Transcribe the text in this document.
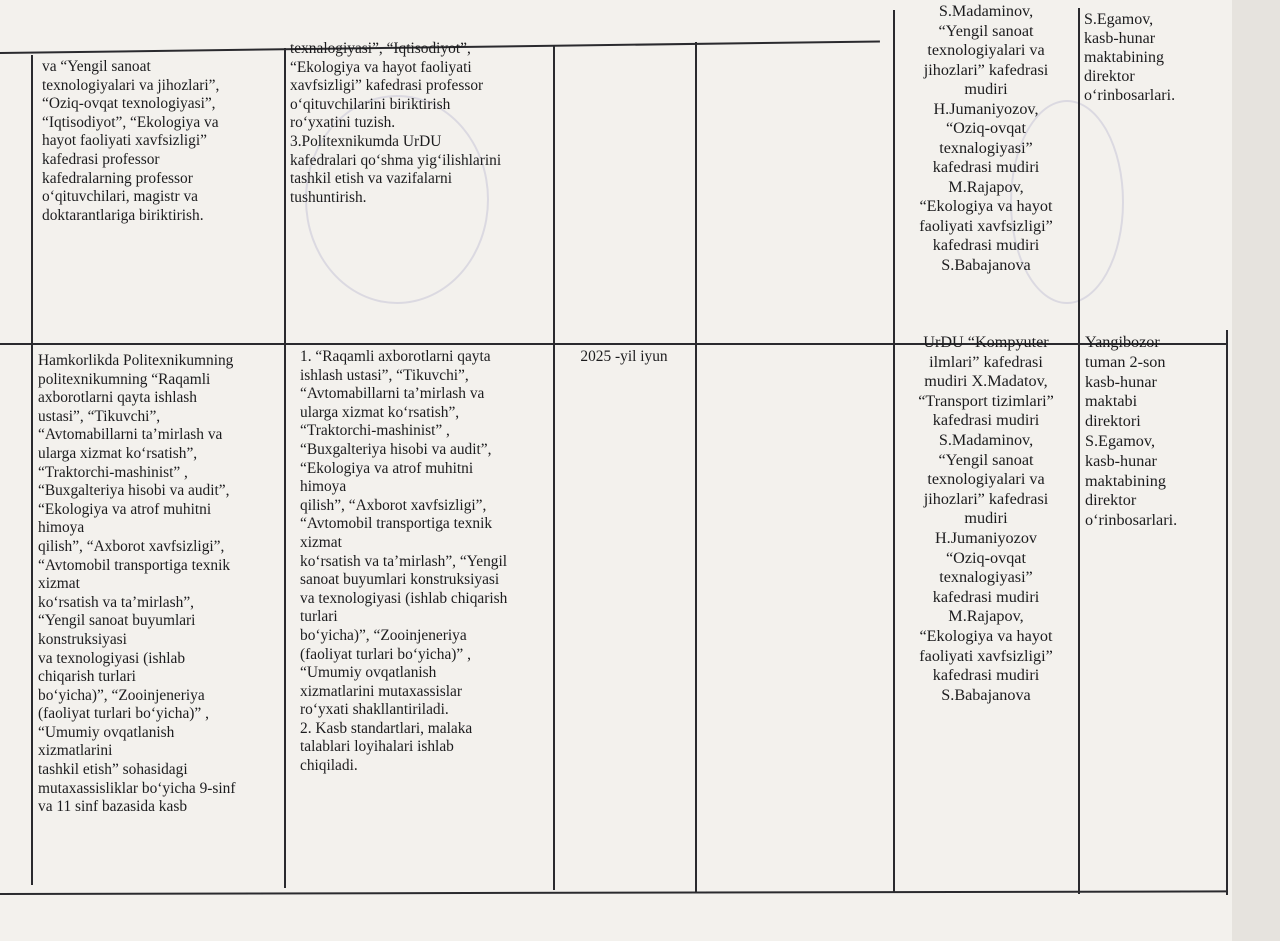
va “Yengil sanoat
texnologiyalari va jihozlari”,
“Oziq-ovqat texnologiyasi”,
“Iqtisodiyot”, “Ekologiya va
hayot faoliyati xavfsizligi”
kafedrasi professor
kafedralarning professor
o‘qituvchilari, magistr va
doktarantlariga biriktirish.
texnalogiyasi”, “Iqtisodiyot”,
“Ekologiya va hayot faoliyati
xavfsizligi” kafedrasi professor
o‘qituvchilarini biriktirish
ro‘yxatini tuzish.
3.Politexnikumda UrDU
kafedralari qo‘shma yig‘ilishlarini
tashkil etish va vazifalarni
tushuntirish.
S.Madaminov,
“Yengil sanoat
texnologiyalari va
jihozlari” kafedrasi
mudiri
H.Jumaniyozov,
“Oziq-ovqat
texnalogiyasi”
kafedrasi mudiri
M.Rajapov,
“Ekologiya va hayot
faoliyati xavfsizligi”
kafedrasi mudiri
S.Babajanova
S.Egamov,
kasb-hunar
maktabining
direktor
o‘rinbosarlari.
Hamkorlikda Politexnikumning
politexnikumning “Raqamli
axborotlarni qayta ishlash
ustasi”, “Tikuvchi”,
“Avtomabillarni ta’mirlash va
ularga xizmat ko‘rsatish”,
“Traktorchi-mashinist” ,
“Buxgalteriya hisobi va audit”,
“Ekologiya va atrof muhitni
himoya
qilish”, “Axborot xavfsizligi”,
“Avtomobil transportiga texnik
xizmat
ko‘rsatish va ta’mirlash”,
“Yengil sanoat buyumlari
konstruksiyasi
va texnologiyasi (ishlab
chiqarish turlari
bo‘yicha)”, “Zooinjeneriya
(faoliyat turlari bo‘yicha)” ,
“Umumiy ovqatlanish
xizmatlarini
tashkil etish” sohasidagi
mutaxassisliklar bo‘yicha 9-sinf
va 11 sinf bazasida kasb
1. “Raqamli axborotlarni qayta
ishlash ustasi”, “Tikuvchi”,
“Avtomabillarni ta’mirlash va
ularga xizmat ko‘rsatish”,
“Traktorchi-mashinist” ,
“Buxgalteriya hisobi va audit”,
“Ekologiya va atrof muhitni
himoya
qilish”, “Axborot xavfsizligi”,
“Avtomobil transportiga texnik
xizmat
ko‘rsatish va ta’mirlash”, “Yengil
sanoat buyumlari konstruksiyasi
va texnologiyasi (ishlab chiqarish
turlari
bo‘yicha)”, “Zooinjeneriya
(faoliyat turlari bo‘yicha)” ,
“Umumiy ovqatlanish
xizmatlarini mutaxassislar
ro‘yxati shakllantiriladi.
2. Kasb standartlari, malaka
talablari loyihalari ishlab
chiqiladi.
2025 -yil iyun
UrDU “Kompyuter
ilmlari” kafedrasi
mudiri X.Madatov,
“Transport tizimlari”
kafedrasi mudiri
S.Madaminov,
“Yengil sanoat
texnologiyalari va
jihozlari” kafedrasi
mudiri
H.Jumaniyozov
“Oziq-ovqat
texnalogiyasi”
kafedrasi mudiri
M.Rajapov,
“Ekologiya va hayot
faoliyati xavfsizligi”
kafedrasi mudiri
S.Babajanova
Yangibozor
tuman 2-son
kasb-hunar
maktabi
direktori
S.Egamov,
kasb-hunar
maktabining
direktor
o‘rinbosarlari.
